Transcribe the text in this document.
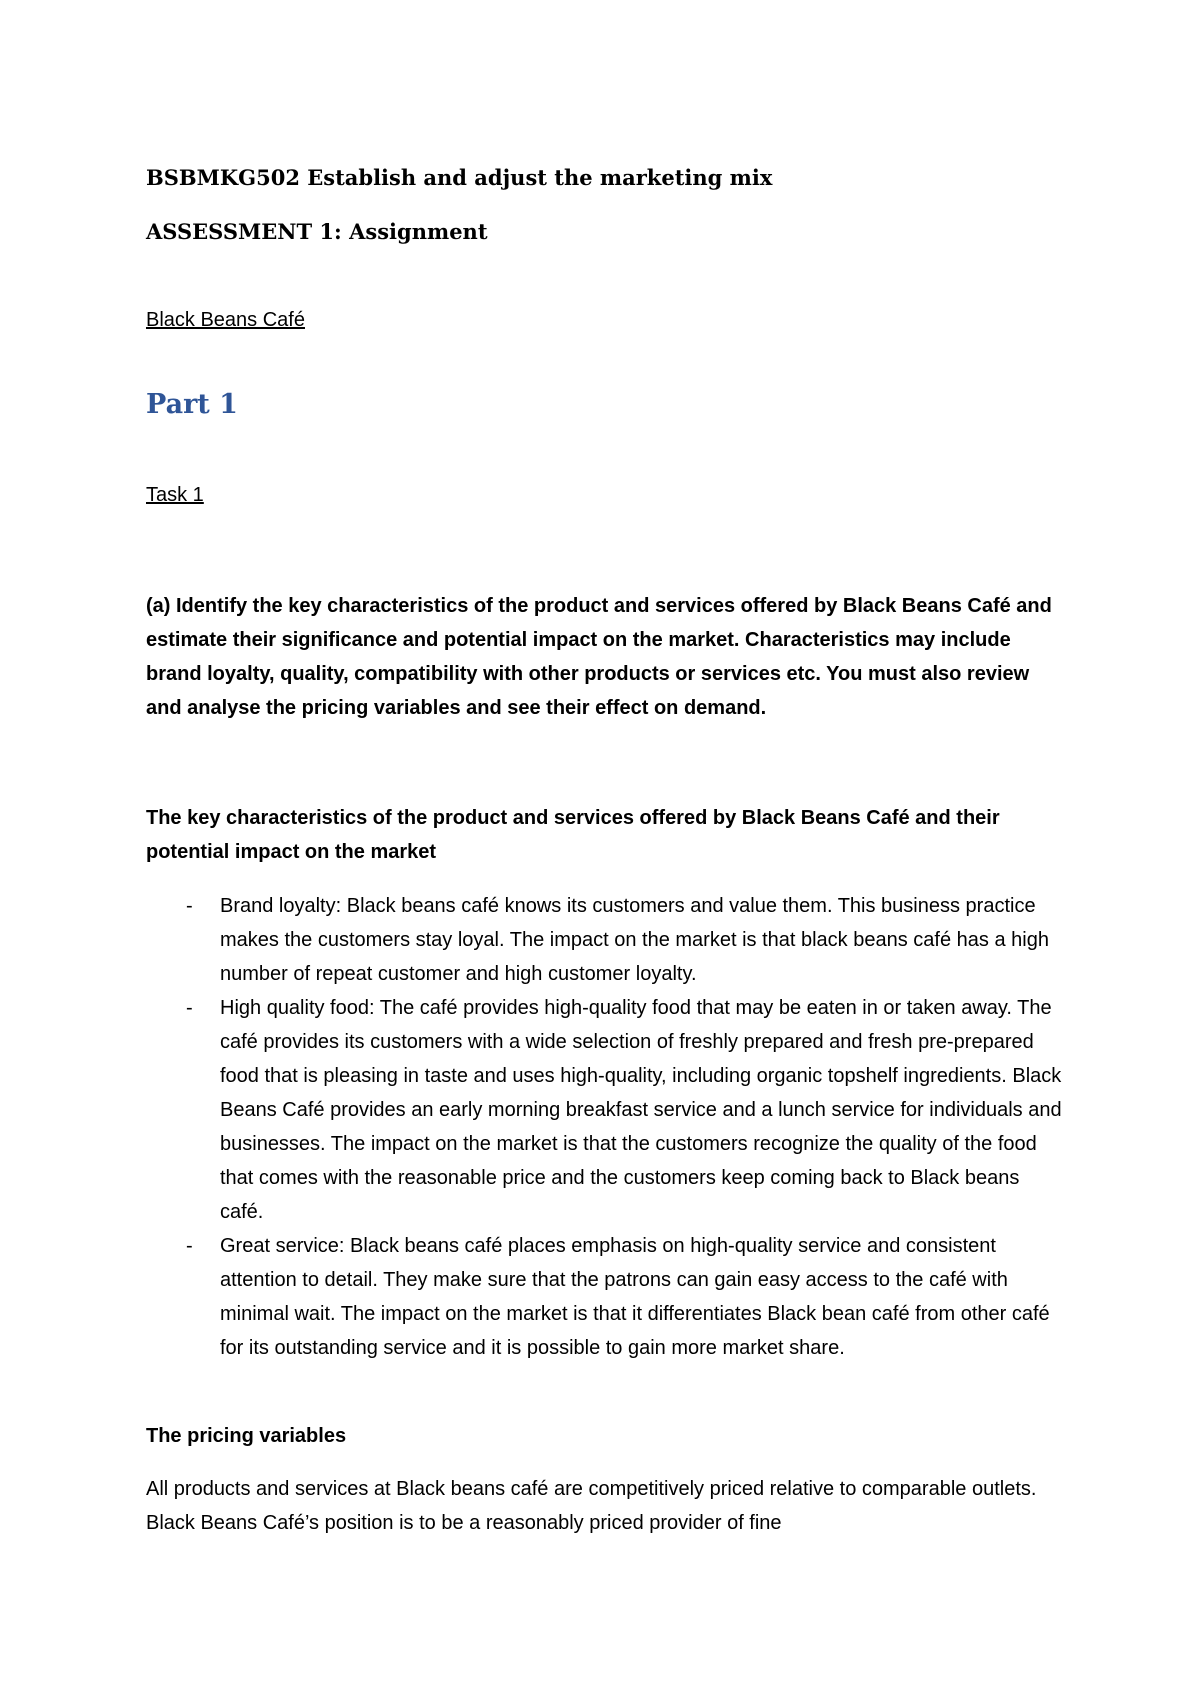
BSBMKG502 Establish and adjust the marketing mix
ASSESSMENT 1: Assignment

Black Beans Café

Part 1

Task 1

(a) Identify the key characteristics of the product and services offered by Black Beans Café and estimate their significance and potential impact on the market. Characteristics may include brand loyalty, quality, compatibility with other products or services etc. You must also review and analyse the pricing variables and see their effect on demand.

The key characteristics of the product and services offered by Black Beans Café and their potential impact on the market

- Brand loyalty: Black beans café knows its customers and value them. This business practice makes the customers stay loyal. The impact on the market is that black beans café has a high number of repeat customer and high customer loyalty.
- High quality food: The café provides high-quality food that may be eaten in or taken away. The café provides its customers with a wide selection of freshly prepared and fresh pre-prepared food that is pleasing in taste and uses high-quality, including organic topshelf ingredients. Black Beans Café provides an early morning breakfast service and a lunch service for individuals and businesses. The impact on the market is that the customers recognize the quality of the food that comes with the reasonable price and the customers keep coming back to Black beans café.
- Great service: Black beans café places emphasis on high-quality service and consistent attention to detail. They make sure that the patrons can gain easy access to the café with minimal wait. The impact on the market is that it differentiates Black bean café from other café for its outstanding service and it is possible to gain more market share.

The pricing variables

All products and services at Black beans café are competitively priced relative to comparable outlets. Black Beans Café’s position is to be a reasonably priced provider of fine
